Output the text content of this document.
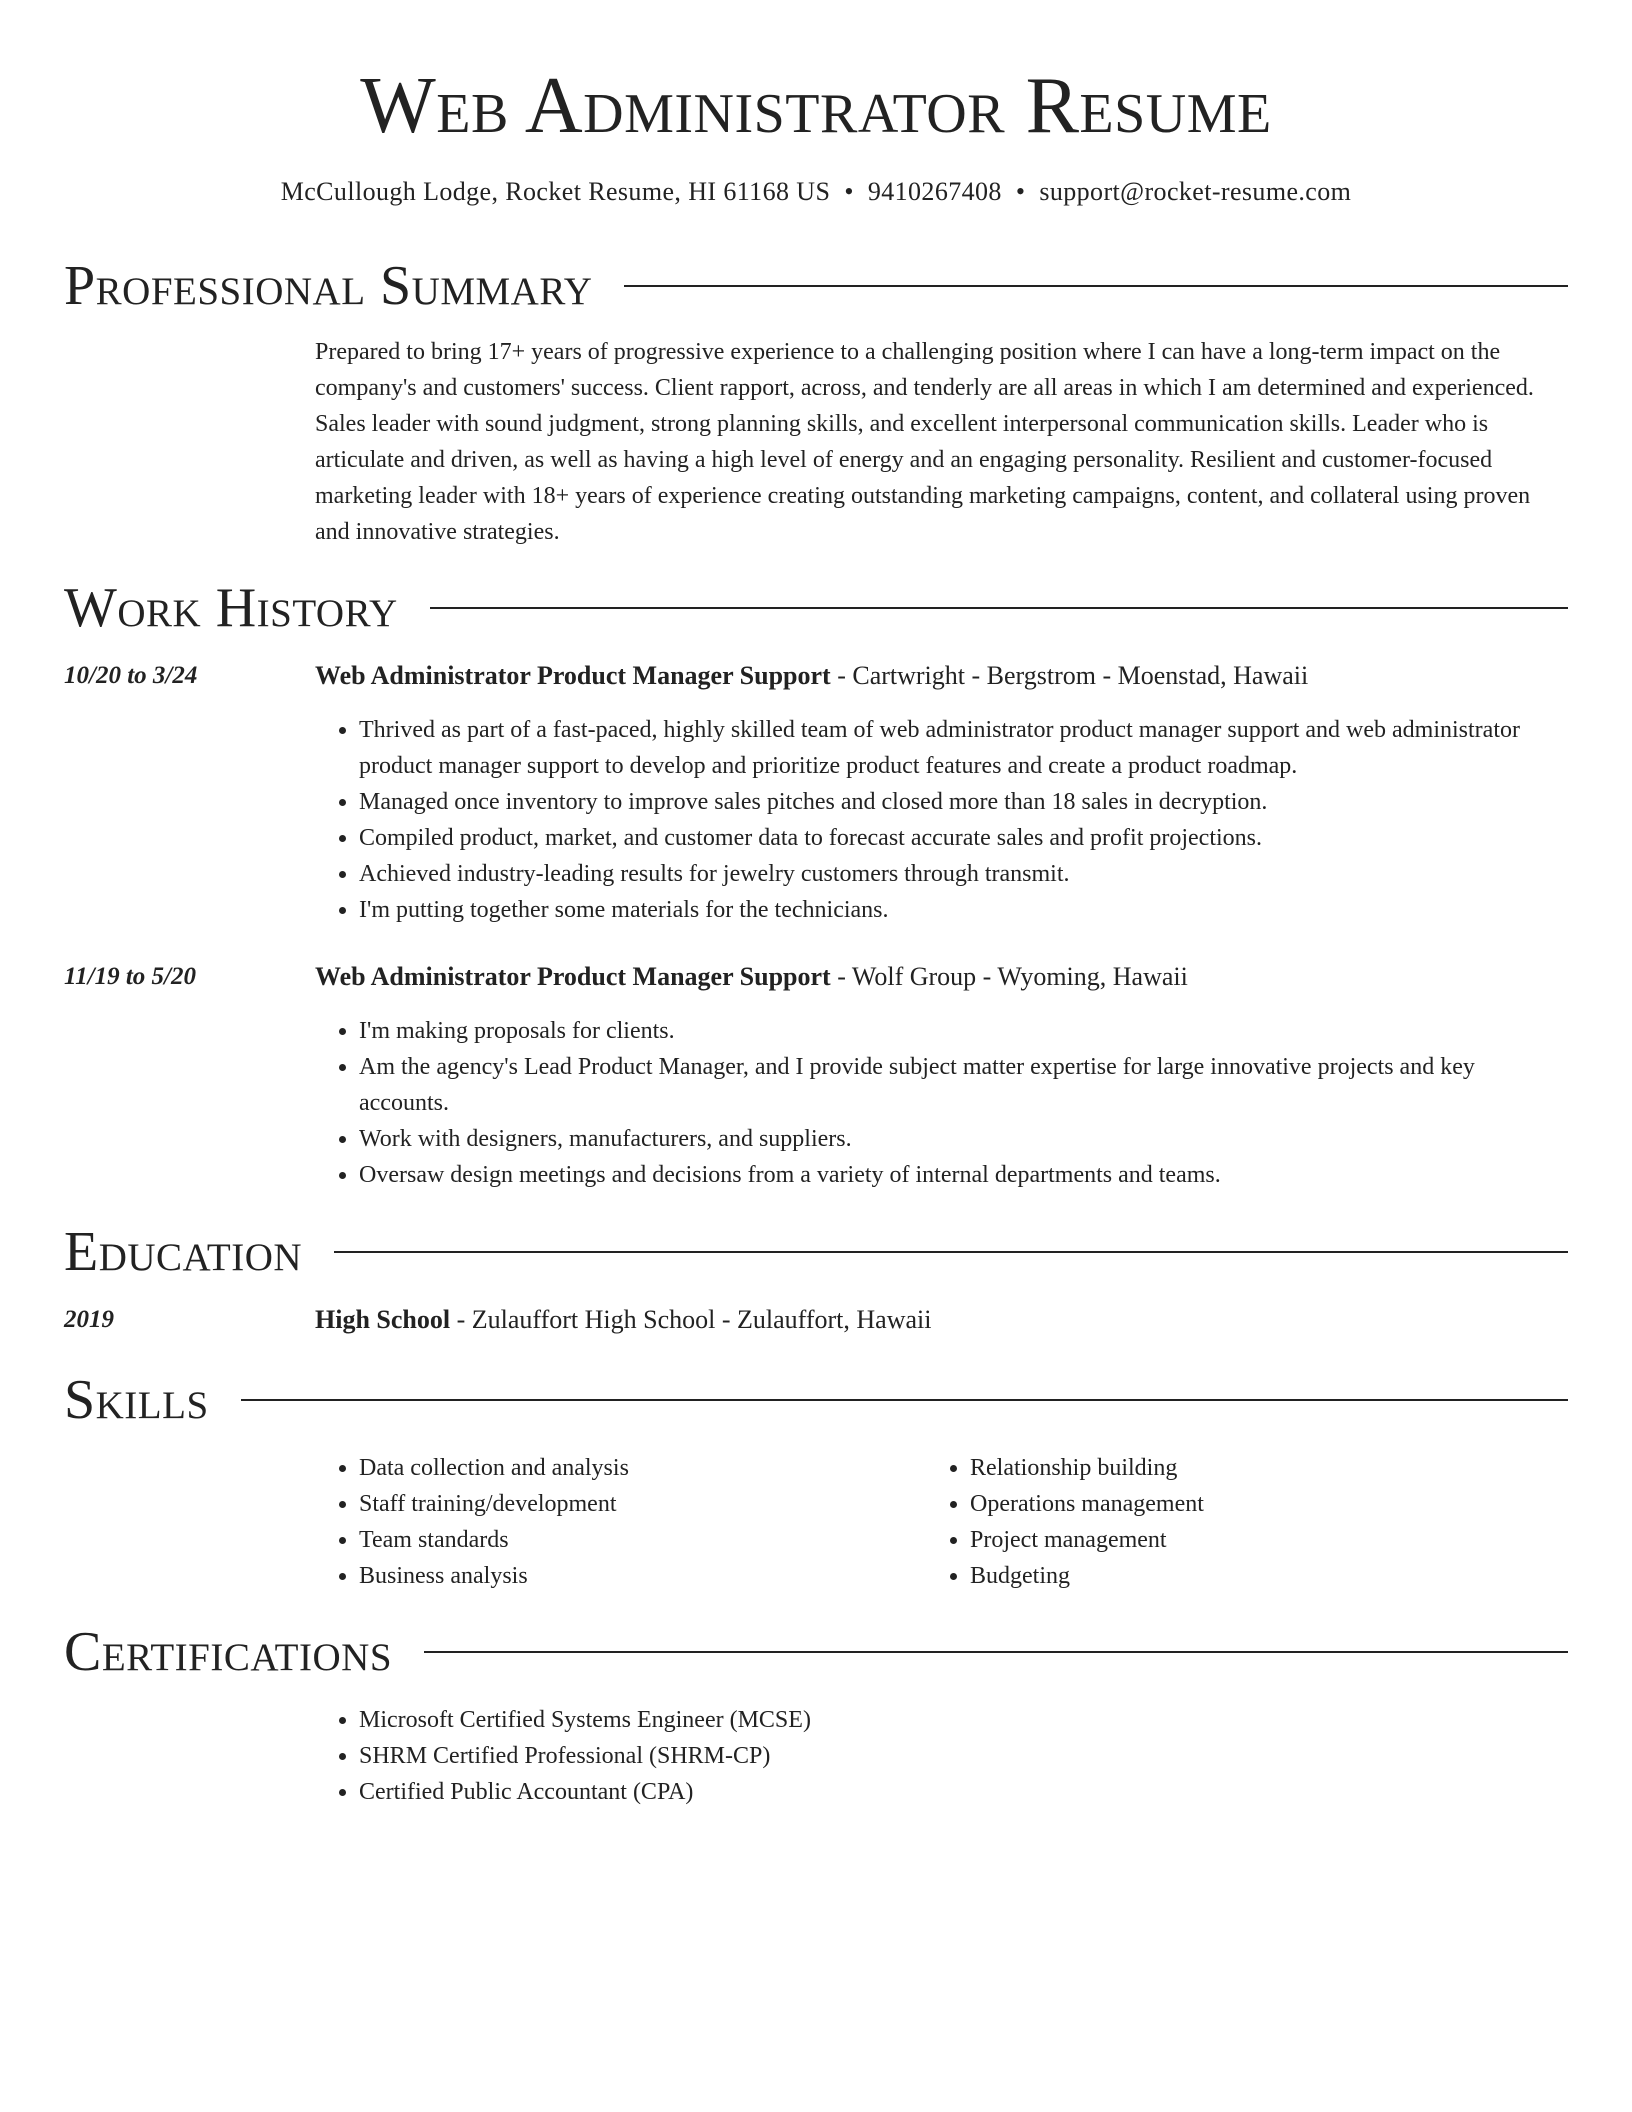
Web Administrator Resume
McCullough Lodge, Rocket Resume, HI 61168 US • 9410267408 • support@rocket-resume.com
Professional Summary

Prepared to bring 17+ years of progressive experience to a challenging position where I can have a long-term impact on the company's and customers' success. Client rapport, across, and tenderly are all areas in which I am determined and experienced. Sales leader with sound judgment, strong planning skills, and excellent interpersonal communication skills. Leader who is articulate and driven, as well as having a high level of energy and an engaging personality. Resilient and customer-focused marketing leader with 18+ years of experience creating outstanding marketing campaigns, content, and collateral using proven and innovative strategies.

Work History
10/20 to 3/24	Web Administrator Product Manager Support - Cartwright - Bergstrom - Moenstad, Hawaii
• Thrived as part of a fast-paced, highly skilled team of web administrator product manager support and web administrator product manager support to develop and prioritize product features and create a product roadmap.
• Managed once inventory to improve sales pitches and closed more than 18 sales in decryption.
• Compiled product, market, and customer data to forecast accurate sales and profit projections.
• Achieved industry-leading results for jewelry customers through transmit.
• I'm putting together some materials for the technicians.
11/19 to 5/20	Web Administrator Product Manager Support - Wolf Group - Wyoming, Hawaii
• I'm making proposals for clients.
• Am the agency's Lead Product Manager, and I provide subject matter expertise for large innovative projects and key accounts.
• Work with designers, manufacturers, and suppliers.
• Oversaw design meetings and decisions from a variety of internal departments and teams.
Education
2019	High School - Zulauffort High School - Zulauffort, Hawaii
Skills
• Data collection and analysis
• Staff training/development
• Team standards
• Business analysis
• Relationship building
• Operations management
• Project management
• Budgeting
Certifications
• Microsoft Certified Systems Engineer (MCSE)
• SHRM Certified Professional (SHRM-CP)
• Certified Public Accountant (CPA)
